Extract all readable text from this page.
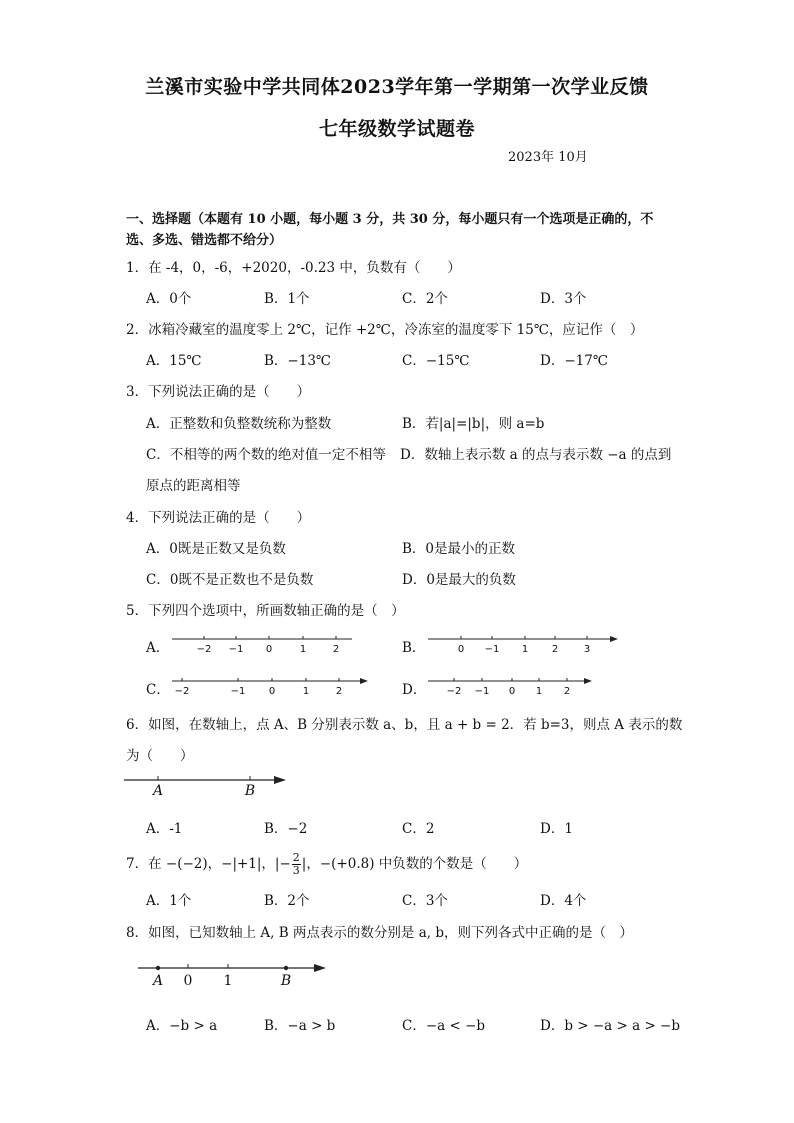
兰溪市实验中学共同体2023学年第一学期第一次学业反馈
七年级数学试题卷
2023年 10月
一、选择题（本题有 10 小题，每小题 3 分，共 30 分，每小题只有一个选项是正确的，不
选、多选、错选都不给分）
1．在 -4，0，-6，+2020，-0.23 中，负数有（　　）
A．0个	B．1个	C．2个	D．3个
2．冰箱冷藏室的温度零上 2℃，记作 +2℃，冷冻室的温度零下 15℃，应记作（　）
A．15℃	B．−13℃	C．−15℃	D．−17℃
3．下列说法正确的是（　　）
A．正整数和负整数统称为整数	B．若|a|=|b|，则 a=b
C．不相等的两个数的绝对值一定不相等 D．数轴上表示数 a 的点与表示数 −a 的点到
原点的距离相等
4．下列说法正确的是（　　）
A．0既是正数又是负数	B．0是最小的正数
C．0既不是正数也不是负数	D．0是最大的负数
5．下列四个选项中，所画数轴正确的是（　）
A．	B．
C．	D．
−2 −1 0	1	2	0 −1 1 2	3
−2	−1 0	1	2	−2 −1 0 1 2
6．如图，在数轴上，点 A、B 分别表示数 a、b，且 a + b = 2．若 b=3，则点 A 表示的数
为（　　）
A	B
A．-1	B．−2	C．2	D．1
7．在 −(−2)，−|+1|，|− $\frac{2}{3}$ |，−(+0.8) 中负数的个数是（　　）
A．1个	B．2个	C．3个	D．4个
8．如图，已知数轴上 A, B 两点表示的数分别是 a, b，则下列各式中正确的是（　）
A 0 1	B
A．−b > a	B．−a > b	C．−a < −b	D．b > −a > a > −b
